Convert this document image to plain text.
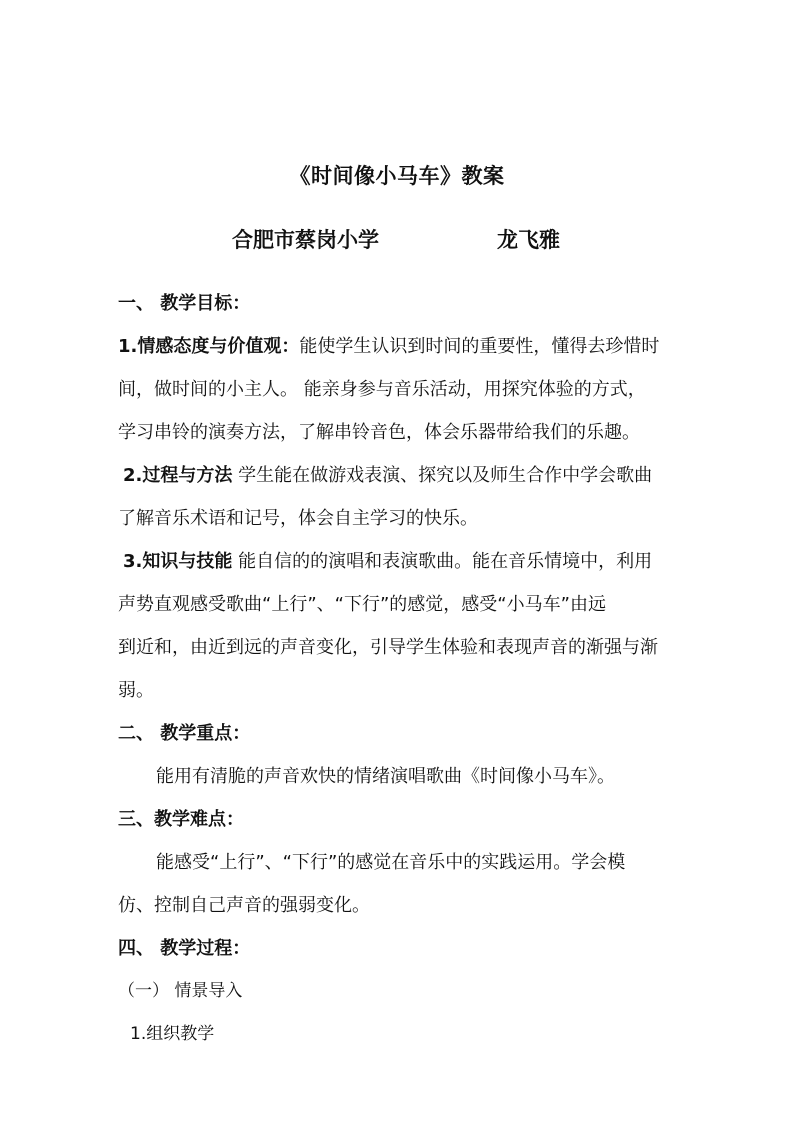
《时间像小马车》教案
合肥市蔡岗小学	龙飞雅
一、 教学目标：
1.情感态度与价值观：能使学生认识到时间的重要性，懂得去珍惜时
间，做时间的小主人。 能亲身参与音乐活动，用探究体验的方式，
学习串铃的演奏方法，了解串铃音色，体会乐器带给我们的乐趣。
2.过程与方法 学生能在做游戏表演、探究以及师生合作中学会歌曲
了解音乐术语和记号，体会自主学习的快乐。
3.知识与技能 能自信的的演唱和表演歌曲。能在音乐情境中，利用
声势直观感受歌曲“上行”、“下行”的感觉，感受“小马车”由远
到近和，由近到远的声音变化，引导学生体验和表现声音的渐强与渐
弱。
二、 教学重点：
能用有清脆的声音欢快的情绪演唱歌曲《时间像小马车》。
三、教学难点：
能感受“上行”、“下行”的感觉在音乐中的实践运用。学会模
仿、控制自己声音的强弱变化。
四、 教学过程：
（一） 情景导入
1.组织教学
